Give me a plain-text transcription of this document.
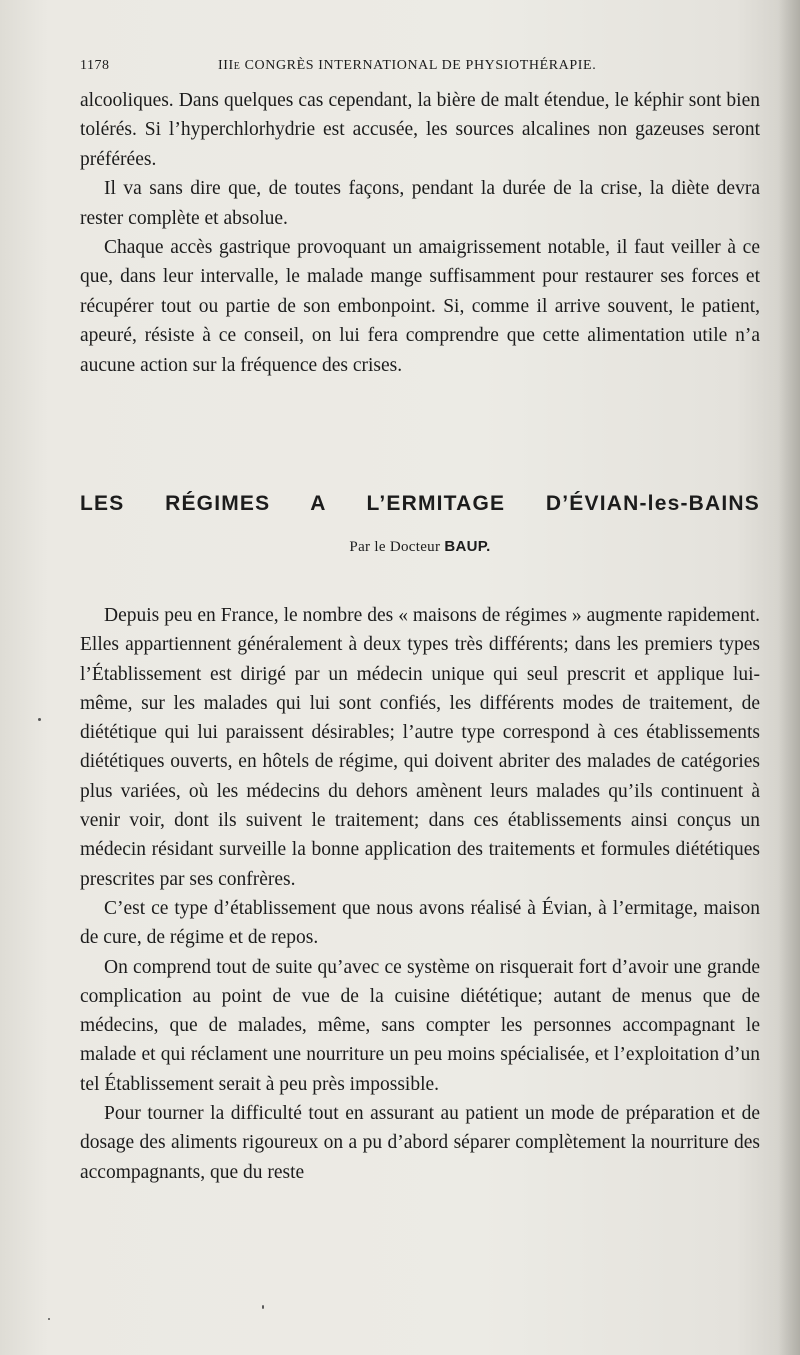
1178	IIIe CONGRÈS INTERNATIONAL DE PHYSIOTHÉRAPIE.

alcooliques. Dans quelques cas cependant, la bière de malt étendue, le képhir sont bien tolérés. Si l’hyperchlorhydrie est accusée, les sources alcalines non gazeuses seront préférées.

Il va sans dire que, de toutes façons, pendant la durée de la crise, la diète devra rester complète et absolue.

Chaque accès gastrique provoquant un amaigrissement notable, il faut veiller à ce que, dans leur intervalle, le malade mange suffisamment pour restaurer ses forces et récupérer tout ou partie de son embonpoint. Si, comme il arrive souvent, le patient, apeuré, résiste à ce conseil, on lui fera comprendre que cette alimentation utile n’a aucune action sur la fréquence des crises.

LES RÉGIMES A L’ERMITAGE D’ÉVIAN-les-BAINS
Par le Docteur BAUP.

Depuis peu en France, le nombre des « maisons de régimes » augmente rapidement. Elles appartiennent généralement à deux types très différents; dans les premiers types l’Établissement est dirigé par un médecin unique qui seul prescrit et applique lui-même, sur les malades qui lui sont confiés, les différents modes de traitement, de diététique qui lui paraissent désirables; l’autre type correspond à ces établissements diététiques ouverts, en hôtels de régime, qui doivent abriter des malades de catégories plus variées, où les médecins du dehors amènent leurs malades qu’ils continuent à venir voir, dont ils suivent le traitement; dans ces établissements ainsi conçus un médecin résidant surveille la bonne application des traitements et formules diététiques prescrites par ses confrères.

C’est ce type d’établissement que nous avons réalisé à Évian, à l’ermitage, maison de cure, de régime et de repos.

On comprend tout de suite qu’avec ce système on risquerait fort d’avoir une grande complication au point de vue de la cuisine diététique; autant de menus que de médecins, que de malades, même, sans compter les personnes accompagnant le malade et qui réclament une nourriture un peu moins spécialisée, et l’exploitation d’un tel Établissement serait à peu près impossible.

Pour tourner la difficulté tout en assurant au patient un mode de préparation et de dosage des aliments rigoureux on a pu d’abord séparer complètement la nourriture des accompagnants, que du reste
